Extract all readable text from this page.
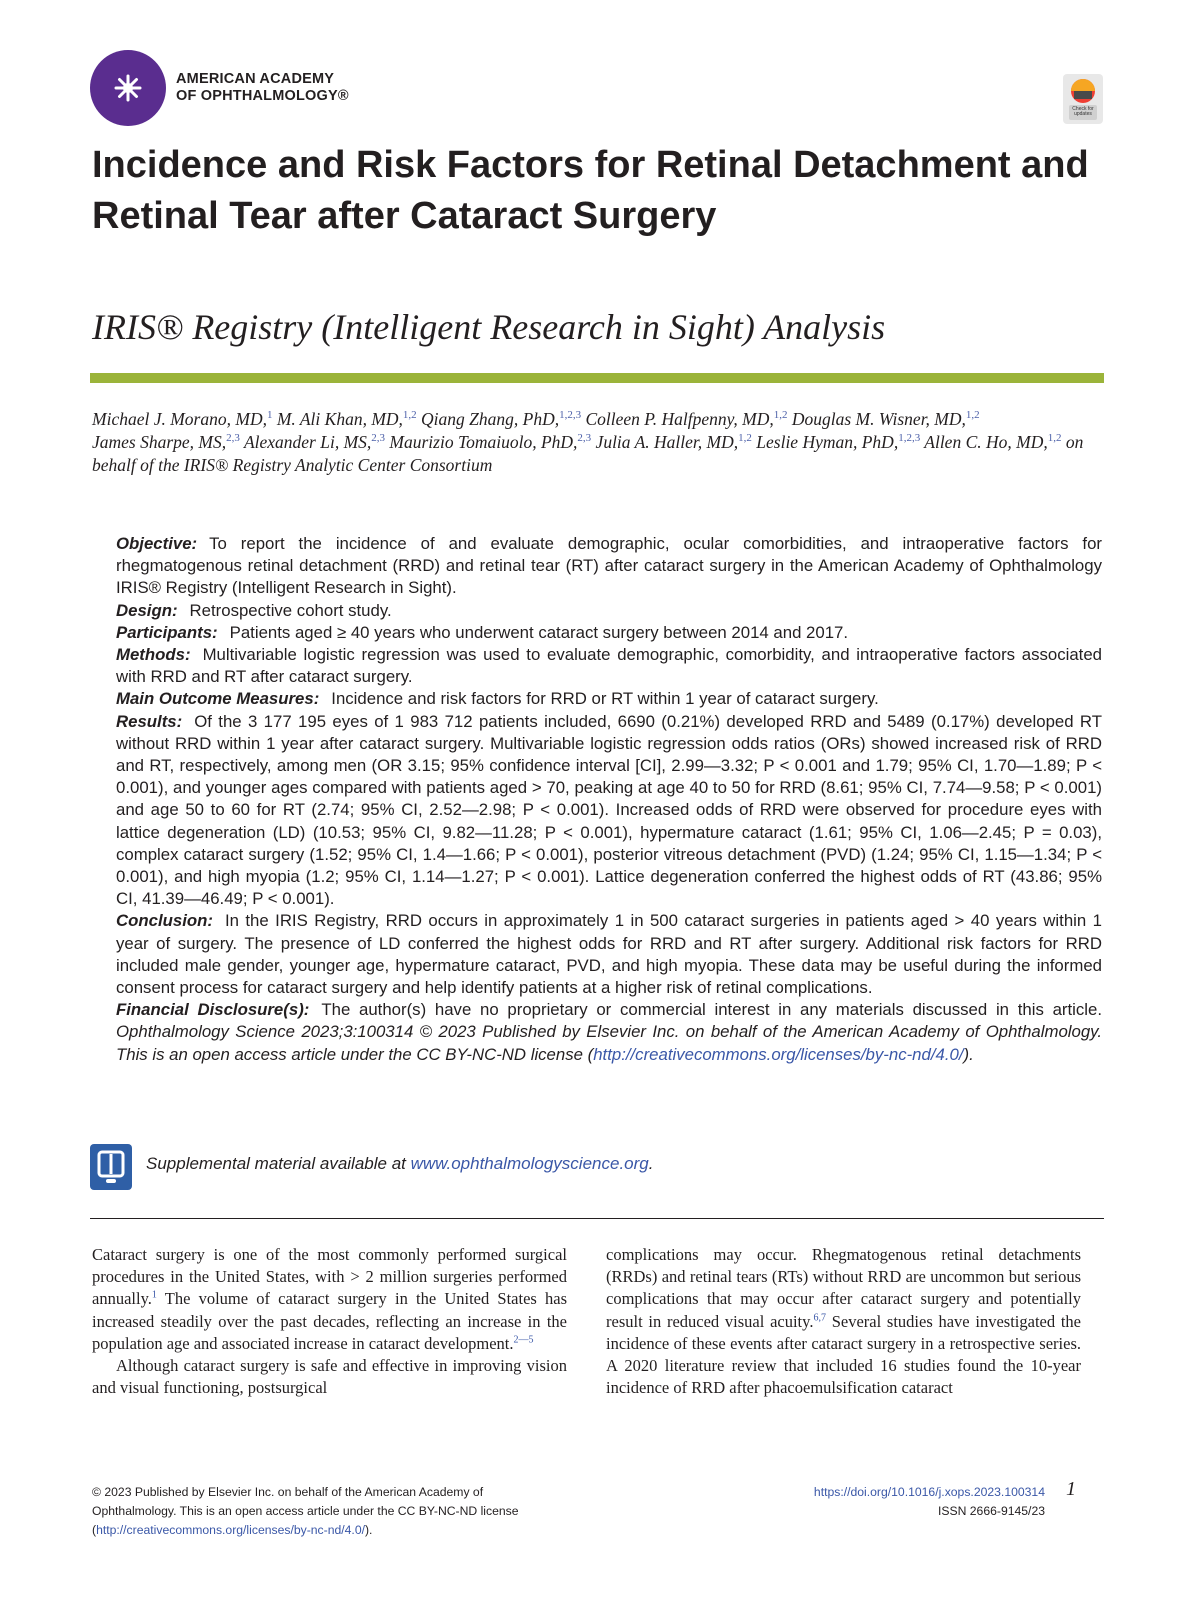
AMERICAN ACADEMY
OF OPHTHALMOLOGY®
Check for updates
Incidence and Risk Factors for Retinal Detachment and Retinal Tear after Cataract Surgery
IRIS® Registry (Intelligent Research in Sight) Analysis
Michael J. Morano, MD,$^1$ M. Ali Khan, MD,$^{1,2}$ Qiang Zhang, PhD,$^{1,2,3}$ Colleen P. Halfpenny, MD,$^{1,2}$ Douglas M. Wisner, MD,$^{1,2}$ James Sharpe, MS,$^{2,3}$ Alexander Li, MS,$^{2,3}$ Maurizio Tomaiuolo, PhD,$^{2,3}$ Julia A. Haller, MD,$^{1,2}$ Leslie Hyman, PhD,$^{1,2,3}$ Allen C. Ho, MD,$^{1,2}$ on behalf of the IRIS® Registry Analytic Center Consortium

Objective: To report the incidence of and evaluate demographic, ocular comorbidities, and intraoperative factors for rhegmatogenous retinal detachment (RRD) and retinal tear (RT) after cataract surgery in the American Academy of Ophthalmology IRIS® Registry (Intelligent Research in Sight).

Design: Retrospective cohort study.

Participants: Patients aged ≥ 40 years who underwent cataract surgery between 2014 and 2017.

Methods: Multivariable logistic regression was used to evaluate demographic, comorbidity, and intraoperative factors associated with RRD and RT after cataract surgery.

Main Outcome Measures: Incidence and risk factors for RRD or RT within 1 year of cataract surgery.

Results: Of the 3 177 195 eyes of 1 983 712 patients included, 6690 (0.21%) developed RRD and 5489 (0.17%) developed RT without RRD within 1 year after cataract surgery. Multivariable logistic regression odds ratios (ORs) showed increased risk of RRD and RT, respectively, among men (OR 3.15; 95% confidence interval [CI], 2.99—3.32; P < 0.001 and 1.79; 95% CI, 1.70—1.89; P < 0.001), and younger ages compared with patients aged > 70, peaking at age 40 to 50 for RRD (8.61; 95% CI, 7.74—9.58; P < 0.001) and age 50 to 60 for RT (2.74; 95% CI, 2.52—2.98; P < 0.001). Increased odds of RRD were observed for procedure eyes with lattice degeneration (LD) (10.53; 95% CI, 9.82—11.28; P < 0.001), hypermature cataract (1.61; 95% CI, 1.06—2.45; P = 0.03), complex cataract surgery (1.52; 95% CI, 1.4—1.66; P < 0.001), posterior vitreous detachment (PVD) (1.24; 95% CI, 1.15—1.34; P < 0.001), and high myopia (1.2; 95% CI, 1.14—1.27; P < 0.001). Lattice degeneration conferred the highest odds of RT (43.86; 95% CI, 41.39—46.49; P < 0.001).

Conclusion: In the IRIS Registry, RRD occurs in approximately 1 in 500 cataract surgeries in patients aged > 40 years within 1 year of surgery. The presence of LD conferred the highest odds for RRD and RT after surgery. Additional risk factors for RRD included male gender, younger age, hypermature cataract, PVD, and high myopia. These data may be useful during the informed consent process for cataract surgery and help identify patients at a higher risk of retinal complications.

Financial Disclosure(s): The author(s) have no proprietary or commercial interest in any materials discussed in this article. Ophthalmology Science 2023;3:100314 © 2023 Published by Elsevier Inc. on behalf of the American Academy of Ophthalmology. This is an open access article under the CC BY-NC-ND license (http://creativecommons.org/licenses/by-nc-nd/4.0/).

Supplemental material available at www.ophthalmologyscience.org.

Cataract surgery is one of the most commonly performed surgical procedures in the United States, with > 2 million surgeries performed annually.$^1$ The volume of cataract surgery in the United States has increased steadily over the past decades, reflecting an increase in the population age and associated increase in cataract development.$^{2—5}$

Although cataract surgery is safe and effective in improving vision and visual functioning, postsurgical

complications may occur. Rhegmatogenous retinal detachments (RRDs) and retinal tears (RTs) without RRD are uncommon but serious complications that may occur after cataract surgery and potentially result in reduced visual acuity.$^{6,7}$ Several studies have investigated the incidence of these events after cataract surgery in a retrospective series. A 2020 literature review that included 16 studies found the 10-year incidence of RRD after phacoemulsification cataract

© 2023 Published by Elsevier Inc. on behalf of the American Academy of Ophthalmology. This is an open access article under the CC BY-NC-ND license (http://creativecommons.org/licenses/by-nc-nd/4.0/).
https://doi.org/10.1016/j.xops.2023.100314
ISSN 2666-9145/23
1
